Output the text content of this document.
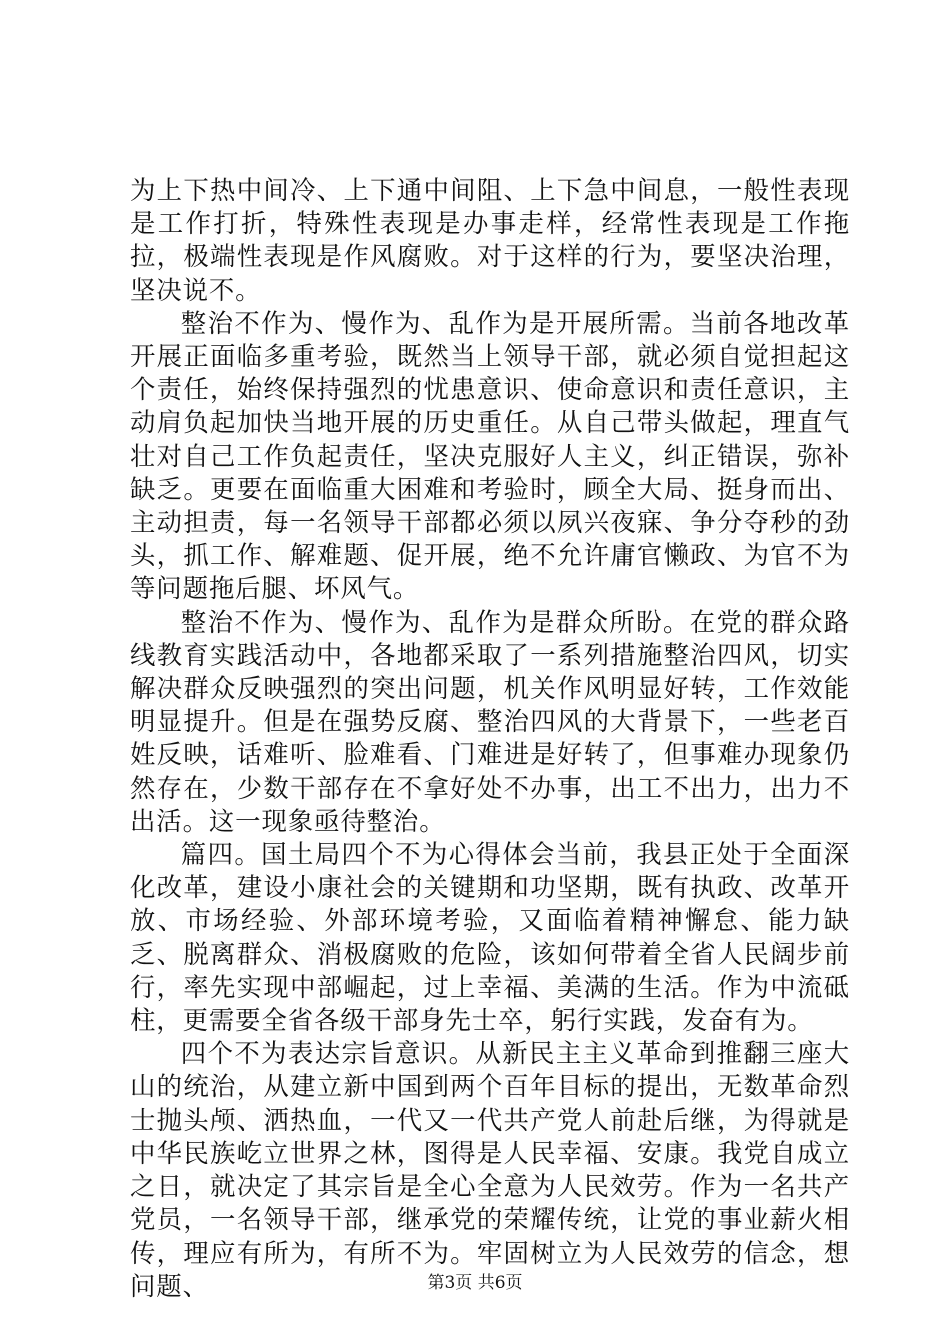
为上下热中间冷、上下通中间阻、上下急中间息，一般性表现是工作打折，特殊性表现是办事走样，经常性表现是工作拖拉，极端性表现是作风腐败。对于这样的行为，要坚决治理，坚决说不。

整治不作为、慢作为、乱作为是开展所需。当前各地改革开展正面临多重考验，既然当上领导干部，就必须自觉担起这个责任，始终保持强烈的忧患意识、使命意识和责任意识，主动肩负起加快当地开展的历史重任。从自己带头做起，理直气壮对自己工作负起责任，坚决克服好人主义，纠正错误，弥补缺乏。更要在面临重大困难和考验时，顾全大局、挺身而出、主动担责，每一名领导干部都必须以夙兴夜寐、争分夺秒的劲头，抓工作、解难题、促开展，绝不允许庸官懒政、为官不为等问题拖后腿、坏风气。

整治不作为、慢作为、乱作为是群众所盼。在党的群众路线教育实践活动中，各地都采取了一系列措施整治四风，切实解决群众反映强烈的突出问题，机关作风明显好转，工作效能明显提升。但是在强势反腐、整治四风的大背景下，一些老百姓反映，话难听、脸难看、门难进是好转了，但事难办现象仍然存在，少数干部存在不拿好处不办事，出工不出力，出力不出活。这一现象亟待整治。

篇四。国土局四个不为心得体会当前，我县正处于全面深化改革，建设小康社会的关键期和功坚期，既有执政、改革开放、市场经验、外部环境考验，又面临着精神懈怠、能力缺乏、脱离群众、消极腐败的危险，该如何带着全省人民阔步前行，率先实现中部崛起，过上幸福、美满的生活。作为中流砥柱，更需要全省各级干部身先士卒，躬行实践，发奋有为。

四个不为表达宗旨意识。从新民主主义革命到推翻三座大山的统治，从建立新中国到两个百年目标的提出，无数革命烈士抛头颅、洒热血，一代又一代共产党人前赴后继，为得就是中华民族屹立世界之林，图得是人民幸福、安康。我党自成立之日，就决定了其宗旨是全心全意为人民效劳。作为一名共产党员，一名领导干部，继承党的荣耀传统，让党的事业薪火相传，理应有所为，有所不为。牢固树立为人民效劳的信念，想问题、	第3页 共6页
